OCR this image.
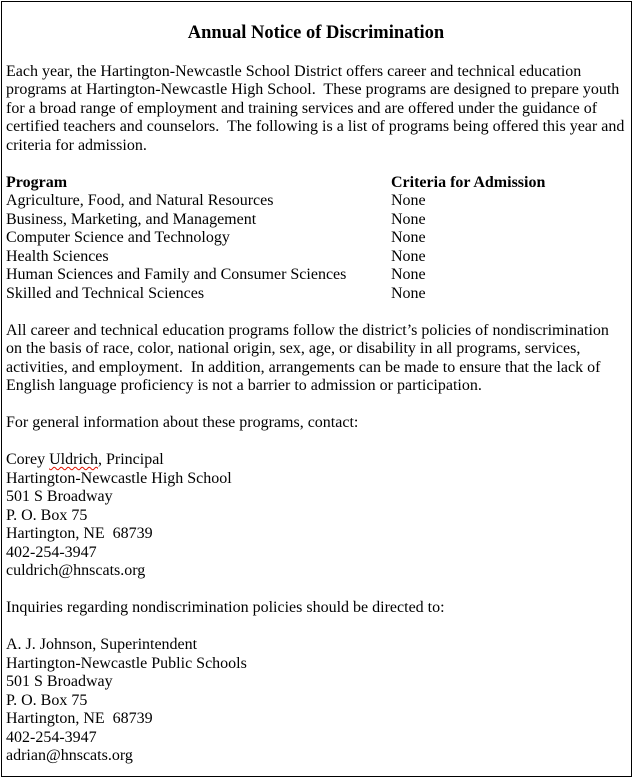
Annual Notice of Discrimination
Each year, the Hartington-Newcastle School District offers career and technical education programs at Hartington-Newcastle High School.  These programs are designed to prepare youth for a broad range of employment and training services and are offered under the guidance of certified teachers and counselors.  The following is a list of programs being offered this year and criteria for admission.
Program	Criteria for Admission
Agriculture, Food, and Natural Resources	None
Business, Marketing, and Management	None
Computer Science and Technology	None
Health Sciences	None
Human Sciences and Family and Consumer Sciences	None
Skilled and Technical Sciences	None
All career and technical education programs follow the district’s policies of nondiscrimination on the basis of race, color, national origin, sex, age, or disability in all programs, services, activities, and employment.  In addition, arrangements can be made to ensure that the lack of English language proficiency is not a barrier to admission or participation.
For general information about these programs, contact:
Corey Uldrich, Principal
Hartington-Newcastle High School
501 S Broadway
P. O. Box 75
Hartington, NE  68739
402-254-3947
culdrich@hnscats.org
Inquiries regarding nondiscrimination policies should be directed to:
A. J. Johnson, Superintendent
Hartington-Newcastle Public Schools
501 S Broadway
P. O. Box 75
Hartington, NE  68739
402-254-3947
adrian@hnscats.org
